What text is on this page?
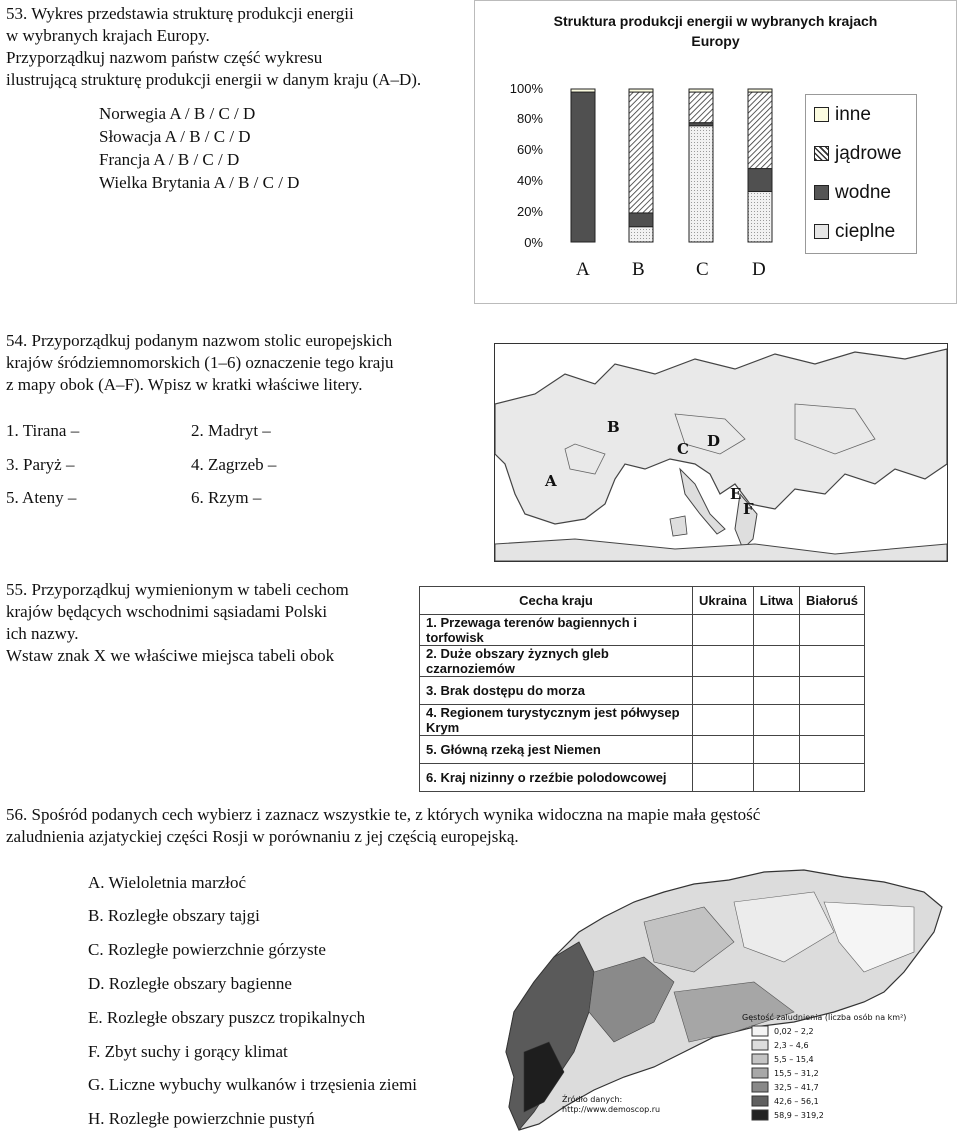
53. Wykres przedstawia strukturę produkcji energii
w wybranych krajach Europy.
Przyporządkuj nazwom państw część wykresu
ilustrującą strukturę produkcji energii w danym kraju (A–D).
Norwegia A / B / C / D
Słowacja A / B / C / D
Francja A / B / C / D
Wielka Brytania A / B / C / D
Struktura produkcji energii w wybranych krajach Europy
100%
80%
60%
40%
20%
0%
A B	C D
inne
jądrowe
wodne
cieplne
54. Przyporządkuj podanym nazwom stolic europejskich
krajów śródziemnomorskich (1–6) oznaczenie tego kraju
z mapy obok (A–F). Wpisz w kratki właściwe litery.
1. Tirana –	2. Madryt –
3. Paryż –	4. Zagrzeb –
5. Ateny –	6. Rzym –
A
B
C D
E
F
55. Przyporządkuj wymienionym w tabeli cechom
krajów będących wschodnimi sąsiadami Polski
ich nazwy.
Wstaw znak X we właściwe miejsca tabeli obok
Cecha kraju	Ukraina	Litwa	Białoruś
1. Przewaga terenów bagiennych i torfowisk			
2. Duże obszary żyznych gleb czarnoziemów			
3. Brak dostępu do morza			
4. Regionem turystycznym jest półwysep Krym			
5. Główną rzeką jest Niemen			
6. Kraj nizinny o rzeźbie polodowcowej			
56. Spośród podanych cech wybierz i zaznacz wszystkie te, z których wynika widoczna na mapie mała gęstość
zaludnienia azjatyckiej części Rosji w porównaniu z jej częścią europejską.
A. Wieloletnia marzłoć
B. Rozległe obszary tajgi
C. Rozległe powierzchnie górzyste
D. Rozległe obszary bagienne
E. Rozległe obszary puszcz tropikalnych
F. Zbyt suchy i gorący klimat
G. Liczne wybuchy wulkanów i trzęsienia ziemi
H. Rozległe powierzchnie pustyń
Gęstość zaludnienia (liczba osób na km²)
Źródło danych:
http://www.demoscop.ru
0,02 – 2,2
2,3 – 4,6
5,5 – 15,4
15,5 – 31,2
32,5 – 41,7
42,6 – 56,1
58,9 – 319,2
